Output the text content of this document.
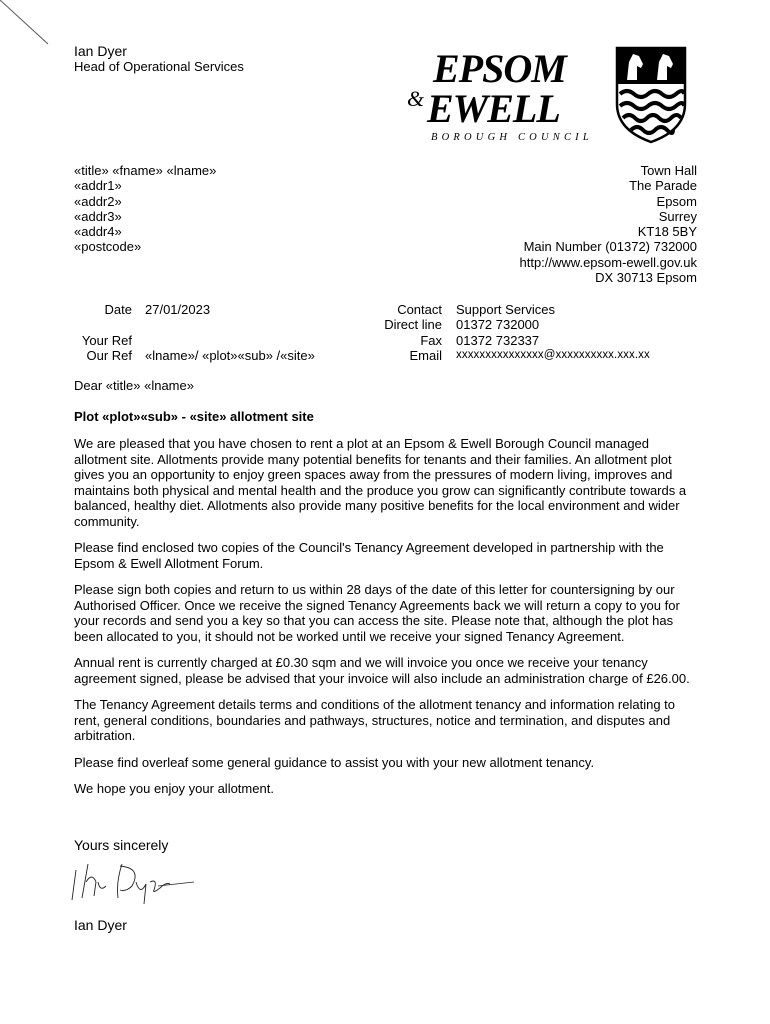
Ian Dyer
Head of Operational Services	EPSOM
& EWELL
BOROUGH COUNCIL
«title» «fname» «lname»
«addr1»
«addr2»
«addr3»
«addr4»
«postcode»
Town Hall
The Parade
Epsom
Surrey
KT18 5BY
Main Number (01372) 732000
http://www.epsom-ewell.gov.uk
DX 30713 Epsom
Date
Your Ref
Our Ref
27/01/2023
«lname»/ «plot»«sub» /«site»
Contact
Direct line
Fax
Email
Support Services
01372 732000
01372 732337
xxxxxxxxxxxxxxx@xxxxxxxxxx.xxx.xx
Dear «title» «lname»
Plot «plot»«sub» - «site» allotment site

We are pleased that you have chosen to rent a plot at an Epsom & Ewell Borough Council managed allotment site. Allotments provide many potential benefits for tenants and their families. An allotment plot gives you an opportunity to enjoy green spaces away from the pressures of modern living, improves and maintains both physical and mental health and the produce you grow can significantly contribute towards a balanced, healthy diet. Allotments also provide many positive benefits for the local environment and wider community.

Please find enclosed two copies of the Council's Tenancy Agreement developed in partnership with the Epsom & Ewell Allotment Forum.

Please sign both copies and return to us within 28 days of the date of this letter for countersigning by our Authorised Officer. Once we receive the signed Tenancy Agreements back we will return a copy to you for your records and send you a key so that you can access the site. Please note that, although the plot has been allocated to you, it should not be worked until we receive your signed Tenancy Agreement.

Annual rent is currently charged at £0.30 sqm and we will invoice you once we receive your tenancy agreement signed, please be advised that your invoice will also include an administration charge of £26.00.

The Tenancy Agreement details terms and conditions of the allotment tenancy and information relating to rent, general conditions, boundaries and pathways, structures, notice and termination, and disputes and arbitration.

Please find overleaf some general guidance to assist you with your new allotment tenancy.

We hope you enjoy your allotment.

Yours sincerely
Ian Dyer
